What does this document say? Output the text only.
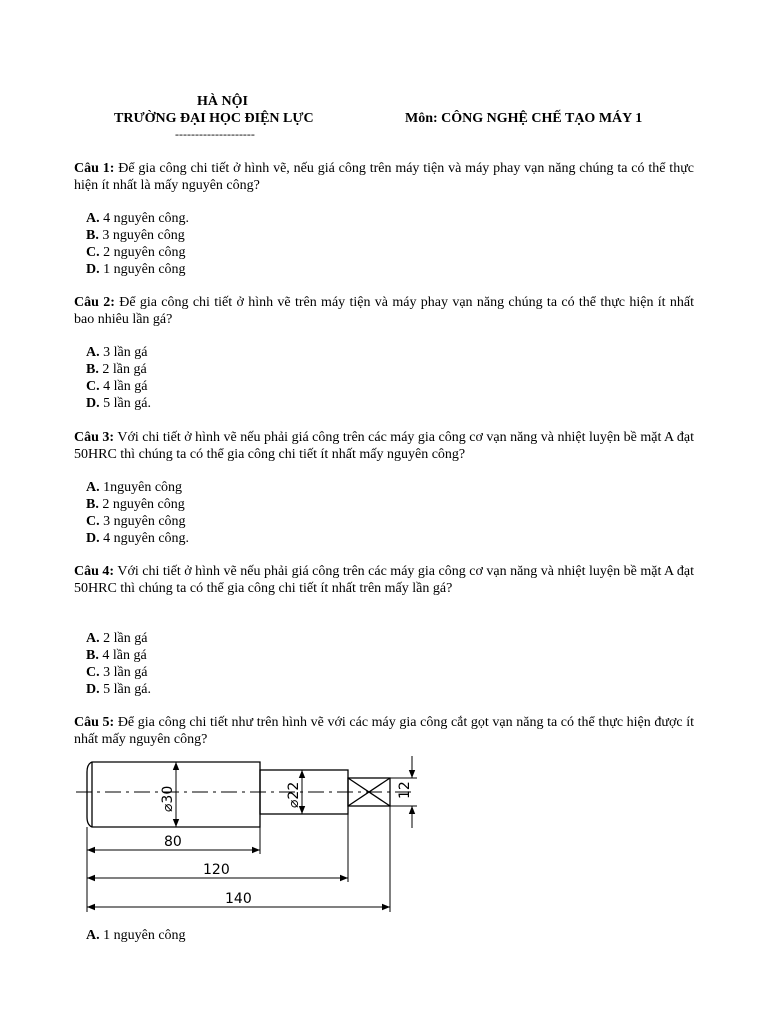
HÀ NỘI
TRƯỜNG ĐẠI HỌC ĐIỆN LỰC
--------------------
Môn: CÔNG NGHỆ CHẾ TẠO MÁY 1
Câu 1: Để gia công chi tiết ở hình vẽ, nếu giá công trên máy tiện và máy phay vạn năng chúng ta có thể thực hiện ít nhất là mấy nguyên công?
A. 4 nguyên công.
B. 3 nguyên công
C. 2 nguyên công
D. 1 nguyên công
Câu 2: Để gia công chi tiết ở hình vẽ trên máy tiện và máy phay vạn năng chúng ta có thể thực hiện ít nhất bao nhiêu lần gá?
A. 3 lần gá
B. 2 lần gá
C. 4 lần gá
D. 5 lần gá.
Câu 3: Với chi tiết ở hình vẽ nếu phải giá công trên các máy gia công cơ vạn năng và nhiệt luyện bề mặt A đạt 50HRC thì chúng ta có thể gia công chi tiết ít nhất mấy nguyên công?
A. 1nguyên công
B. 2 nguyên công
C. 3 nguyên công
D. 4 nguyên công.
Câu 4: Với chi tiết ở hình vẽ nếu phải giá công trên các máy gia công cơ vạn năng và nhiệt luyện bề mặt A đạt 50HRC thì chúng ta có thể gia công chi tiết ít nhất trên mấy lần gá?
A. 2 lần gá
B. 4 lần gá
C. 3 lần gá
D. 5 lần gá.
Câu 5: Để gia công chi tiết như trên hình vẽ với các máy gia công cắt gọt vạn năng ta có thể thực hiện được ít nhất mấy nguyên công?
⌀30	⌀22	12
80
120
140
A. 1 nguyên công
